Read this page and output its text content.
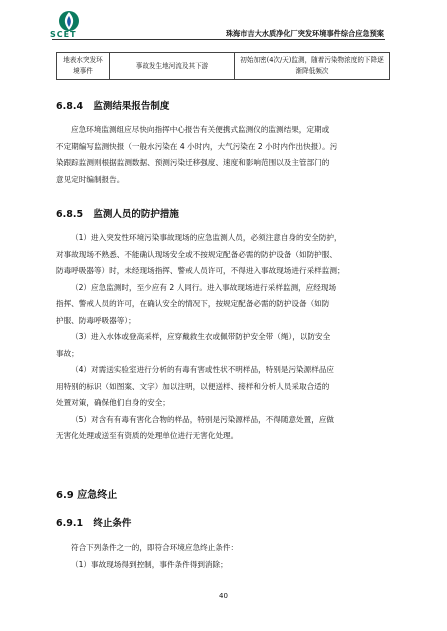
SCET	珠海市吉大水质净化厂突发环境事件综合应急预案
地表水突发环境事件	事故发生地河流及其下游	初始加密(4次/天)监测，随着污染物浓度的下降逐渐降低频次
6.8.4 监测结果报告制度
应急环境监测组应尽快向指挥中心报告有关便携式监测仪的监测结果，定期或
不定期编写监测快报（一般水污染在 4 小时内，大气污染在 2 小时内作出快报）。污
染跟踪监测则根据监测数据、预测污染迁移强度、速度和影响范围以及主管部门的
意见定时编制报告。
6.8.5 监测人员的防护措施
（1）进入突发性环境污染事故现场的应急监测人员，必须注意自身的安全防护，
对事故现场不熟悉、不能确认现场安全或不按规定配备必需的防护设备（如防护服、
防毒呼吸器等）时，未经现场指挥、警戒人员许可，不得进入事故现场进行采样监测；
（2）应急监测时，至少应有 2 人同行。进入事故现场进行采样监测，应经现场
指挥、警戒人员的许可，在确认安全的情况下，按规定配备必需的防护设备（如防
护服、防毒呼吸器等）；
（3）进入水体或登高采样，应穿戴救生衣或佩带防护安全带（绳），以防安全
事故；
（4）对需送实验室进行分析的有毒有害或性状不明样品，特别是污染源样品应
用特别的标识（如图案、文字）加以注明，以便送样、接样和分析人员采取合适的
处置对策，确保他们自身的安全；
（5）对含有有毒有害化合物的样品，特别是污染源样品，不得随意处置，应做
无害化处理或送至有资质的处理单位进行无害化处理。
6.9 应急终止
6.9.1 终止条件
符合下列条件之一的，即符合环境应急终止条件：
（1）事故现场得到控制，事件条件得到消除；
40
